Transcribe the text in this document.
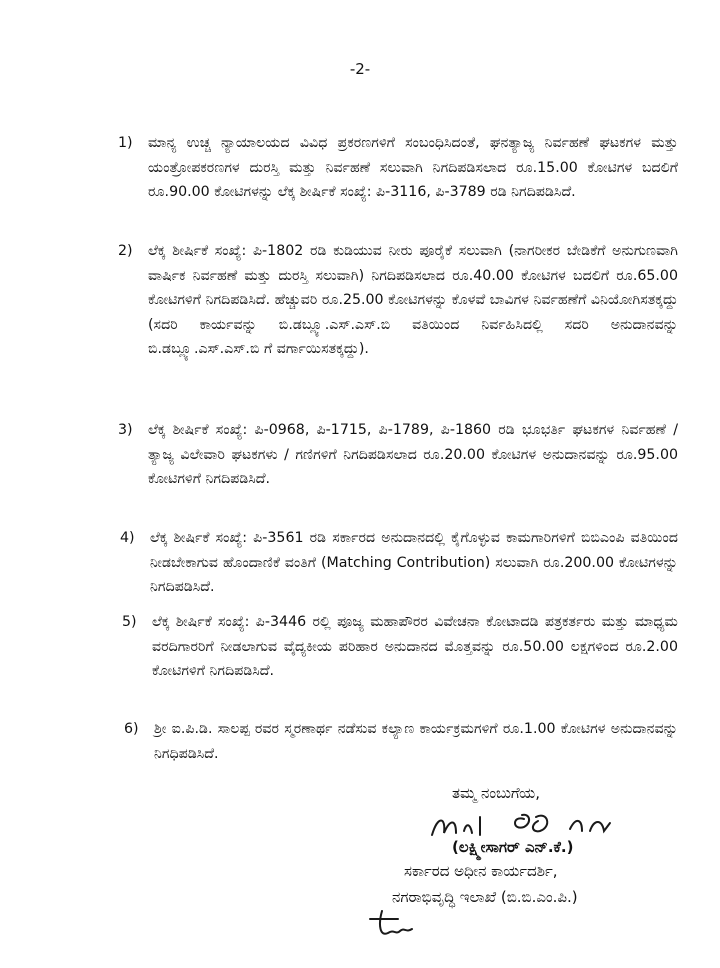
-2-
1) ಮಾನ್ಯ ಉಚ್ಚ ನ್ಯಾಯಾಲಯದ ವಿವಿಧ ಪ್ರಕರಣಗಳಿಗೆ ಸಂಬಂಧಿಸಿದಂತೆ, ಘನತ್ಯಾಜ್ಯ ನಿರ್ವಹಣೆ ಘಟಕಗಳ ಮತ್ತು ಯಂತ್ರೋಪಕರಣಗಳ ದುರಸ್ತಿ ಮತ್ತು ನಿರ್ವಹಣೆ ಸಲುವಾಗಿ ನಿಗದಿಪಡಿಸಲಾದ ರೂ.15.00 ಕೋಟಿಗಳ ಬದಲಿಗೆ ರೂ.90.00 ಕೋಟಿಗಳನ್ನು ಲೆಕ್ಕ ಶೀರ್ಷಿಕೆ ಸಂಖ್ಯೆ: ಪಿ-3116, ಪಿ-3789 ರಡಿ ನಿಗದಿಪಡಿಸಿದೆ.
2) ಲೆಕ್ಕ ಶೀರ್ಷಿಕೆ ಸಂಖ್ಯೆ: ಪಿ-1802 ರಡಿ ಕುಡಿಯುವ ನೀರು ಪೂರೈಕೆ ಸಲುವಾಗಿ (ನಾಗರೀಕರ ಬೇಡಿಕೆಗೆ ಅನುಗುಣವಾಗಿ ವಾರ್ಷಿಕ ನಿರ್ವಹಣೆ ಮತ್ತು ದುರಸ್ತಿ ಸಲುವಾಗಿ) ನಿಗದಿಪಡಿಸಲಾದ ರೂ.40.00 ಕೋಟಿಗಳ ಬದಲಿಗೆ ರೂ.65.00 ಕೋಟಿಗಳಿಗೆ ನಿಗದಿಪಡಿಸಿದೆ. ಹೆಚ್ಚುವರಿ ರೂ.25.00 ಕೋಟಿಗಳನ್ನು ಕೊಳವೆ ಬಾವಿಗಳ ನಿರ್ವಹಣೆಗೆ ವಿನಿಯೋಗಿಸತಕ್ಕದ್ದು (ಸದರಿ ಕಾರ್ಯವನ್ನು ಬಿ.ಡಬ್ಲ್ಯೂ.ಎಸ್.ಎಸ್.ಬಿ ವತಿಯಿಂದ ನಿರ್ವಹಿಸಿದಲ್ಲಿ ಸದರಿ ಅನುದಾನವನ್ನು ಬಿ.ಡಬ್ಲ್ಯೂ.ಎಸ್.ಎಸ್.ಬಿ ಗೆ ವರ್ಗಾಯಿಸತಕ್ಕದ್ದು).
3) ಲೆಕ್ಕ ಶೀರ್ಷಿಕೆ ಸಂಖ್ಯೆ: ಪಿ-0968, ಪಿ-1715, ಪಿ-1789, ಪಿ-1860 ರಡಿ ಭೂಭರ್ತಿ ಘಟಕಗಳ ನಿರ್ವಹಣೆ / ತ್ಯಾಜ್ಯ ವಿಲೇವಾರಿ ಘಟಕಗಳು / ಗಣಿಗಳಿಗೆ ನಿಗದಿಪಡಿಸಲಾದ ರೂ.20.00 ಕೋಟಿಗಳ ಅನುದಾನವನ್ನು ರೂ.95.00 ಕೋಟಿಗಳಿಗೆ ನಿಗದಿಪಡಿಸಿದೆ.
4) ಲೆಕ್ಕ ಶೀರ್ಷಿಕೆ ಸಂಖ್ಯೆ: ಪಿ-3561 ರಡಿ ಸರ್ಕಾರದ ಅನುದಾನದಲ್ಲಿ ಕೈಗೊಳ್ಳುವ ಕಾಮಗಾರಿಗಳಿಗೆ ಬಿಬಿಎಂಪಿ ವತಿಯಿಂದ ನೀಡಬೇಕಾಗುವ ಹೊಂದಾಣಿಕೆ ವಂತಿಗೆ (Matching Contribution) ಸಲುವಾಗಿ ರೂ.200.00 ಕೋಟಿಗಳನ್ನು ನಿಗದಿಪಡಿಸಿದೆ.
5) ಲೆಕ್ಕ ಶೀರ್ಷಿಕೆ ಸಂಖ್ಯೆ: ಪಿ-3446 ರಲ್ಲಿ ಪೂಜ್ಯ ಮಹಾಪೌರರ ವಿವೇಚನಾ ಕೋಟಾದಡಿ ಪತ್ರಕರ್ತರು ಮತ್ತು ಮಾಧ್ಯಮ ವರದಿಗಾರರಿಗೆ ನೀಡಲಾಗುವ ವೈದ್ಯಕೀಯ ಪರಿಹಾರ ಅನುದಾನದ ಮೊತ್ತವನ್ನು ರೂ.50.00 ಲಕ್ಷಗಳಿಂದ ರೂ.2.00 ಕೋಟಿಗಳಿಗೆ ನಿಗದಿಪಡಿಸಿದೆ.
6) ಶ್ರೀ ಐ.ಪಿ.ಡಿ. ಸಾಲಪ್ಪ ರವರ ಸ್ಮರಣಾರ್ಥ ನಡೆಸುವ ಕಲ್ಯಾಣ ಕಾರ್ಯಕ್ರಮಗಳಿಗೆ ರೂ.1.00 ಕೋಟಿಗಳ ಅನುದಾನವನ್ನು ನಿಗಧಿಪಡಿಸಿದೆ.
ತಮ್ಮ ನಂಬುಗೆಯ,
(ಲಕ್ಷ್ಮೀಸಾಗರ್ ಎನ್.ಕೆ.)
ಸರ್ಕಾರದ ಅಧೀನ ಕಾರ್ಯದರ್ಶಿ,
ನಗರಾಭಿವೃದ್ಧಿ ಇಲಾಖೆ (ಬಿ.ಬಿ.ಎಂ.ಪಿ.)
